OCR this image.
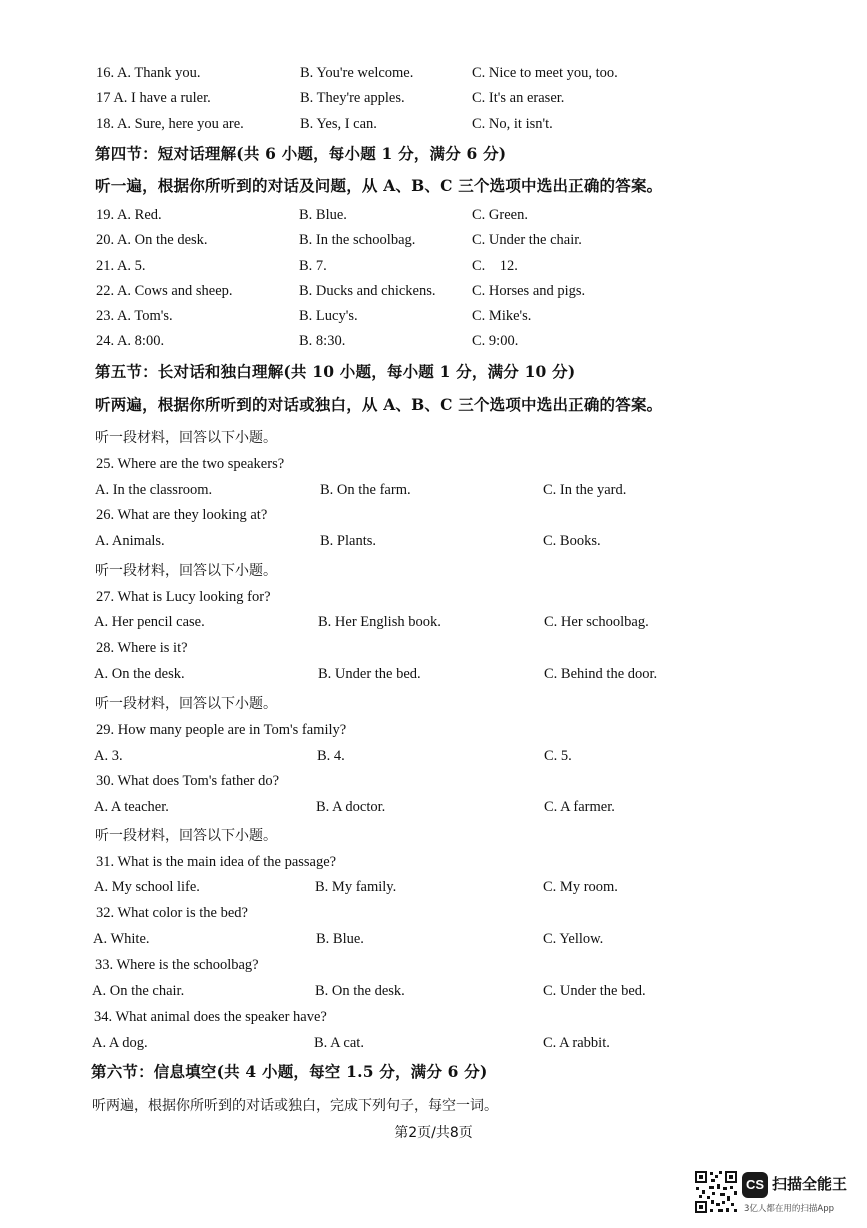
16. A. Thank you.	B. You're welcome.	C. Nice to meet you, too.
17 A. I have a ruler.	B. They're apples.	C. It's an eraser.
18. A. Sure, here you are.	B. Yes, I can.	C. No, it isn't.
第四节：短对话理解(共 6 小题，每小题 1 分，满分 6 分)
听一遍，根据你所听到的对话及问题，从 A、B、C 三个选项中选出正确的答案。
19. A. Red.	B. Blue.	C. Green.
20. A. On the desk.	B. In the schoolbag.	C. Under the chair.
21. A. 5.	B. 7.	C.    12.
22. A. Cows and sheep.	B. Ducks and chickens.	C. Horses and pigs.
23. A. Tom's.	B. Lucy's.	C. Mike's.
24. A. 8:00.	B. 8:30.	C. 9:00.
第五节：长对话和独白理解(共 10 小题，每小题 1 分，满分 10 分)
听两遍，根据你所听到的对话或独白，从 A、B、C 三个选项中选出正确的答案。
听一段材料，回答以下小题。
25. Where are the two speakers?
A. In the classroom.	B. On the farm.	C. In the yard.
26. What are they looking at?
A. Animals.	B. Plants.	C. Books.
听一段材料，回答以下小题。
27. What is Lucy looking for?
A. Her pencil case.	B. Her English book.	C. Her schoolbag.
28. Where is it?
A. On the desk.	B. Under the bed.	C. Behind the door.
听一段材料，回答以下小题。
29. How many people are in Tom's family?
A. 3.	B. 4.	C. 5.
30. What does Tom's father do?
A. A teacher.	B. A doctor.	C. A farmer.
听一段材料，回答以下小题。
31. What is the main idea of the passage?
A. My school life.	B. My family.	C. My room.
32. What color is the bed?
A. White.	B. Blue.	C. Yellow.
33. Where is the schoolbag?
A. On the chair.	B. On the desk.	C. Under the bed.
34. What animal does the speaker have?
A. A dog.	B. A cat.	C. A rabbit.
第六节：信息填空(共 4 小题，每空 1.5 分，满分 6 分)
听两遍，根据你所听到的对话或独白，完成下列句子，每空一词。
第2页/共8页
CS 扫描全能王
3亿人都在用的扫描App
